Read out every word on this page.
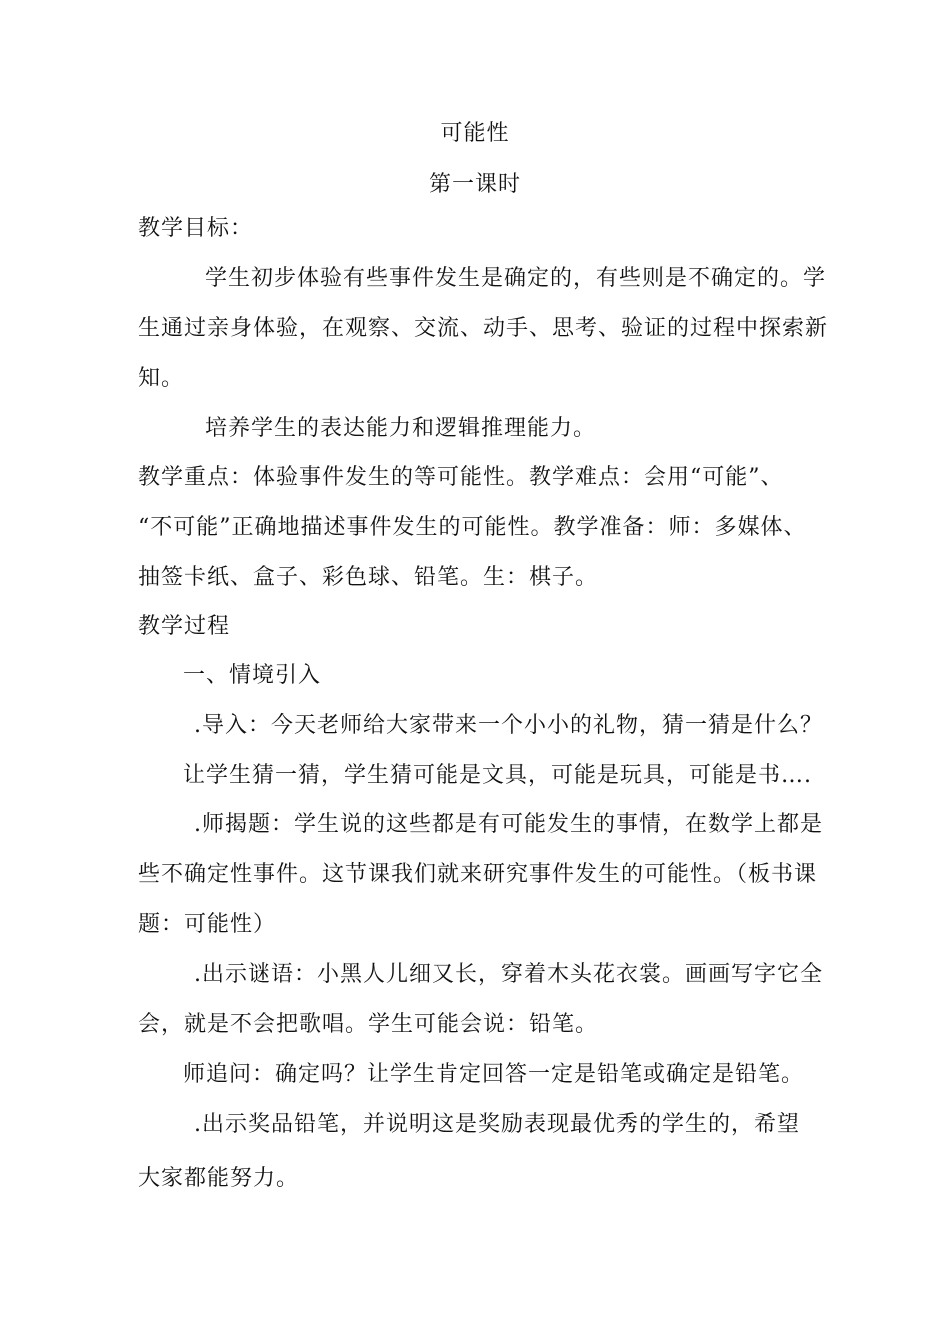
可能性
第一课时
教学目标：
学生初步体验有些事件发生是确定的，有些则是不确定的。学
生通过亲身体验，在观察、交流、动手、思考、验证的过程中探索新
知。
培养学生的表达能力和逻辑推理能力。
教学重点：体验事件发生的等可能性。教学难点：会用“可能”、
“不可能”正确地描述事件发生的可能性。教学准备：师：多媒体、
抽签卡纸、盒子、彩色球、铅笔。生：棋子。
教学过程
一、情境引入
.导入：今天老师给大家带来一个小小的礼物，猜一猜是什么？
让学生猜一猜，学生猜可能是文具，可能是玩具，可能是书….
.师揭题：学生说的这些都是有可能发生的事情，在数学上都是
些不确定性事件。这节课我们就来研究事件发生的可能性。（板书课
题：可能性）
.出示谜语：小黑人儿细又长，穿着木头花衣裳。画画写字它全
会，就是不会把歌唱。学生可能会说：铅笔。
师追问：确定吗？让学生肯定回答一定是铅笔或确定是铅笔。
.出示奖品铅笔，并说明这是奖励表现最优秀的学生的，希望
大家都能努力。
